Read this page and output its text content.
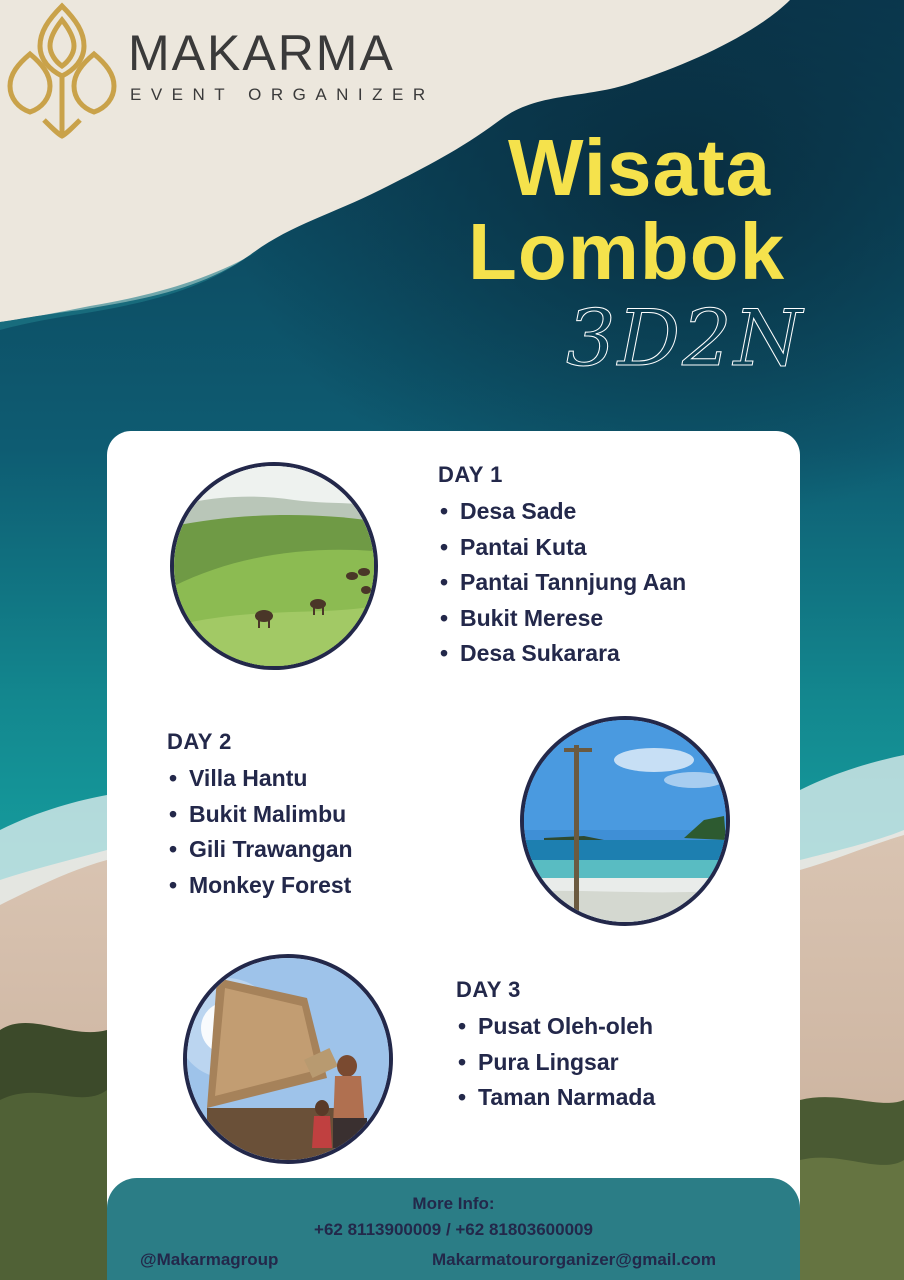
MAKARMA
EVENT ORGANIZER
Wisata
Lombok
3D2N
DAY 1
• Desa Sade
• Pantai Kuta
• Pantai Tannjung Aan
• Bukit Merese
• Desa Sukarara
DAY 2
• Villa Hantu
• Bukit Malimbu
• Gili Trawangan
• Monkey Forest
DAY 3
• Pusat Oleh-oleh
• Pura Lingsar
• Taman Narmada
More Info:
+62 8113900009 / +62 81803600009
@Makarmagroup	Makarmatourorganizer@gmail.com
